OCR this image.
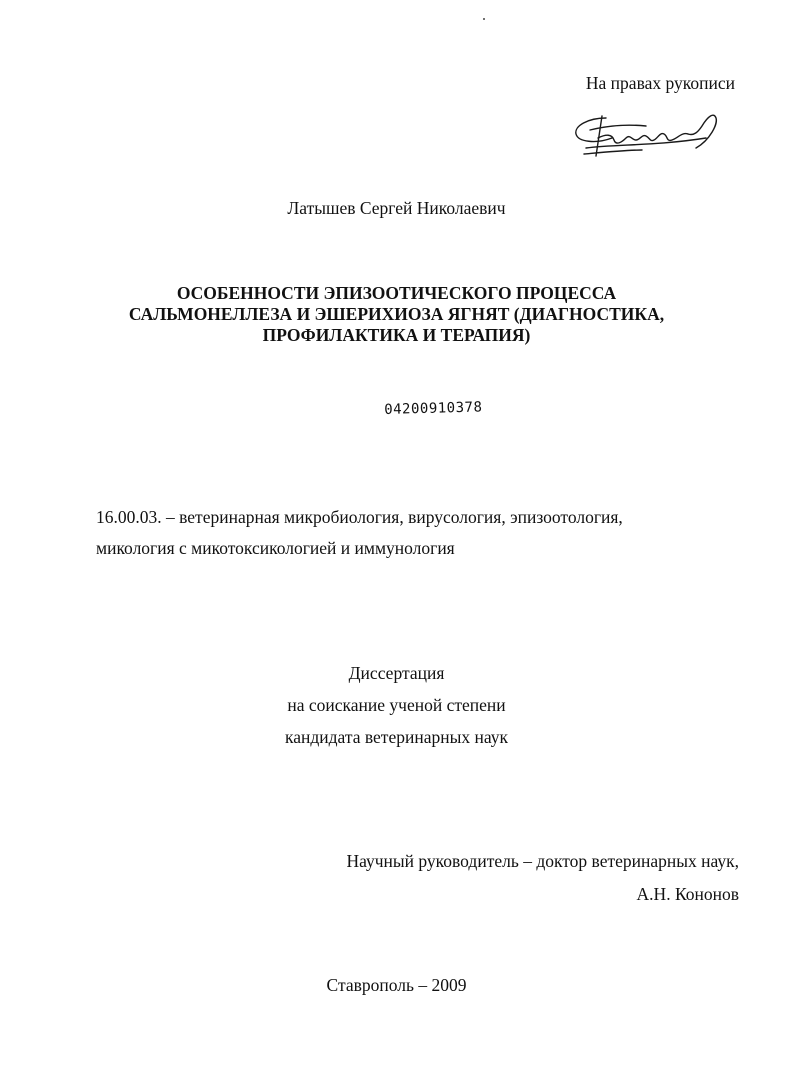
На правах рукописи
Латышев Сергей Николаевич
ОСОБЕННОСТИ ЭПИЗООТИЧЕСКОГО ПРОЦЕССА
САЛЬМОНЕЛЛЕЗА И ЭШЕРИХИОЗА ЯГНЯТ (ДИАГНОСТИКА,
ПРОФИЛАКТИКА И ТЕРАПИЯ)
04200910378
16.00.03. – ветеринарная микробиология, вирусология, эпизоотология,
микология с микотоксикологией и иммунология
Диссертация
на соискание ученой степени
кандидата ветеринарных наук
Научный руководитель – доктор ветеринарных наук,
А.Н. Кононов
Ставрополь – 2009
